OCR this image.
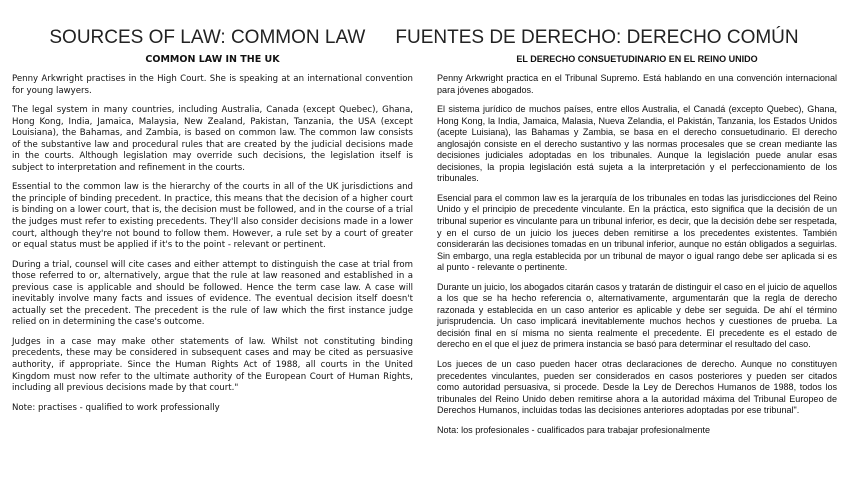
SOURCES OF LAW: COMMON LAW FUENTES DE DERECHO: DERECHO COMÚN
COMMON LAW IN THE UK

Penny Arkwright practises in the High Court. She is speaking at an international convention for young lawyers.

The legal system in many countries, including Australia, Canada (except Quebec), Ghana, Hong Kong, India, Jamaica, Malaysia, New Zealand, Pakistan, Tanzania, the USA (except Louisiana), the Bahamas, and Zambia, is based on common law. The common law consists of the substantive law and procedural rules that are created by the judicial decisions made in the courts. Although legislation may override such decisions, the legislation itself is subject to interpretation and refinement in the courts.

Essential to the common law is the hierarchy of the courts in all of the UK jurisdictions and the principle of binding precedent. In practice, this means that the decision of a higher court is binding on a lower court, that is, the decision must be followed, and in the course of a trial the judges must refer to existing precedents. They'll also consider decisions made in a lower court, although they're not bound to follow them. However, a rule set by a court of greater or equal status must be applied if it's to the point - relevant or pertinent.

During a trial, counsel will cite cases and either attempt to distinguish the case at trial from those referred to or, alternatively, argue that the rule at law reasoned and established in a previous case is applicable and should be followed. Hence the term case law. A case will inevitably involve many facts and issues of evidence. The eventual decision itself doesn't actually set the precedent. The precedent is the rule of law which the first instance judge relied on in determining the case's outcome.

Judges in a case may make other statements of law. Whilst not constituting binding precedents, these may be considered in subsequent cases and may be cited as persuasive authority, if appropriate. Since the Human Rights Act of 1988, all courts in the United Kingdom must now refer to the ultimate authority of the European Court of Human Rights, including all previous decisions made by that court."

Note: practises - qualified to work professionally

EL DERECHO CONSUETUDINARIO EN EL REINO UNIDO

Penny Arkwright practica en el Tribunal Supremo. Está hablando en una convención internacional para jóvenes abogados.

El sistema jurídico de muchos países, entre ellos Australia, el Canadá (excepto Quebec), Ghana, Hong Kong, la India, Jamaica, Malasia, Nueva Zelandia, el Pakistán, Tanzania, los Estados Unidos (acepte Luisiana), las Bahamas y Zambia, se basa en el derecho consuetudinario. El derecho anglosajón consiste en el derecho sustantivo y las normas procesales que se crean mediante las decisiones judiciales adoptadas en los tribunales. Aunque la legislación puede anular esas decisiones, la propia legislación está sujeta a la interpretación y el perfeccionamiento de los tribunales.

Esencial para el common law es la jerarquía de los tribunales en todas las jurisdicciones del Reino Unido y el principio de precedente vinculante. En la práctica, esto significa que la decisión de un tribunal superior es vinculante para un tribunal inferior, es decir, que la decisión debe ser respetada, y en el curso de un juicio los jueces deben remitirse a los precedentes existentes. También considerarán las decisiones tomadas en un tribunal inferior, aunque no están obligados a seguirlas. Sin embargo, una regla establecida por un tribunal de mayor o igual rango debe ser aplicada si es al punto - relevante o pertinente.

Durante un juicio, los abogados citarán casos y tratarán de distinguir el caso en el juicio de aquellos a los que se ha hecho referencia o, alternativamente, argumentarán que la regla de derecho razonada y establecida en un caso anterior es aplicable y debe ser seguida. De ahí el término jurisprudencia. Un caso implicará inevitablemente muchos hechos y cuestiones de prueba. La decisión final en sí misma no sienta realmente el precedente. El precedente es el estado de derecho en el que el juez de primera instancia se basó para determinar el resultado del caso.

Los jueces de un caso pueden hacer otras declaraciones de derecho. Aunque no constituyen precedentes vinculantes, pueden ser considerados en casos posteriores y pueden ser citados como autoridad persuasiva, si procede. Desde la Ley de Derechos Humanos de 1988, todos los tribunales del Reino Unido deben remitirse ahora a la autoridad máxima del Tribunal Europeo de Derechos Humanos, incluidas todas las decisiones anteriores adoptadas por ese tribunal".

Nota: los profesionales - cualificados para trabajar profesionalmente
